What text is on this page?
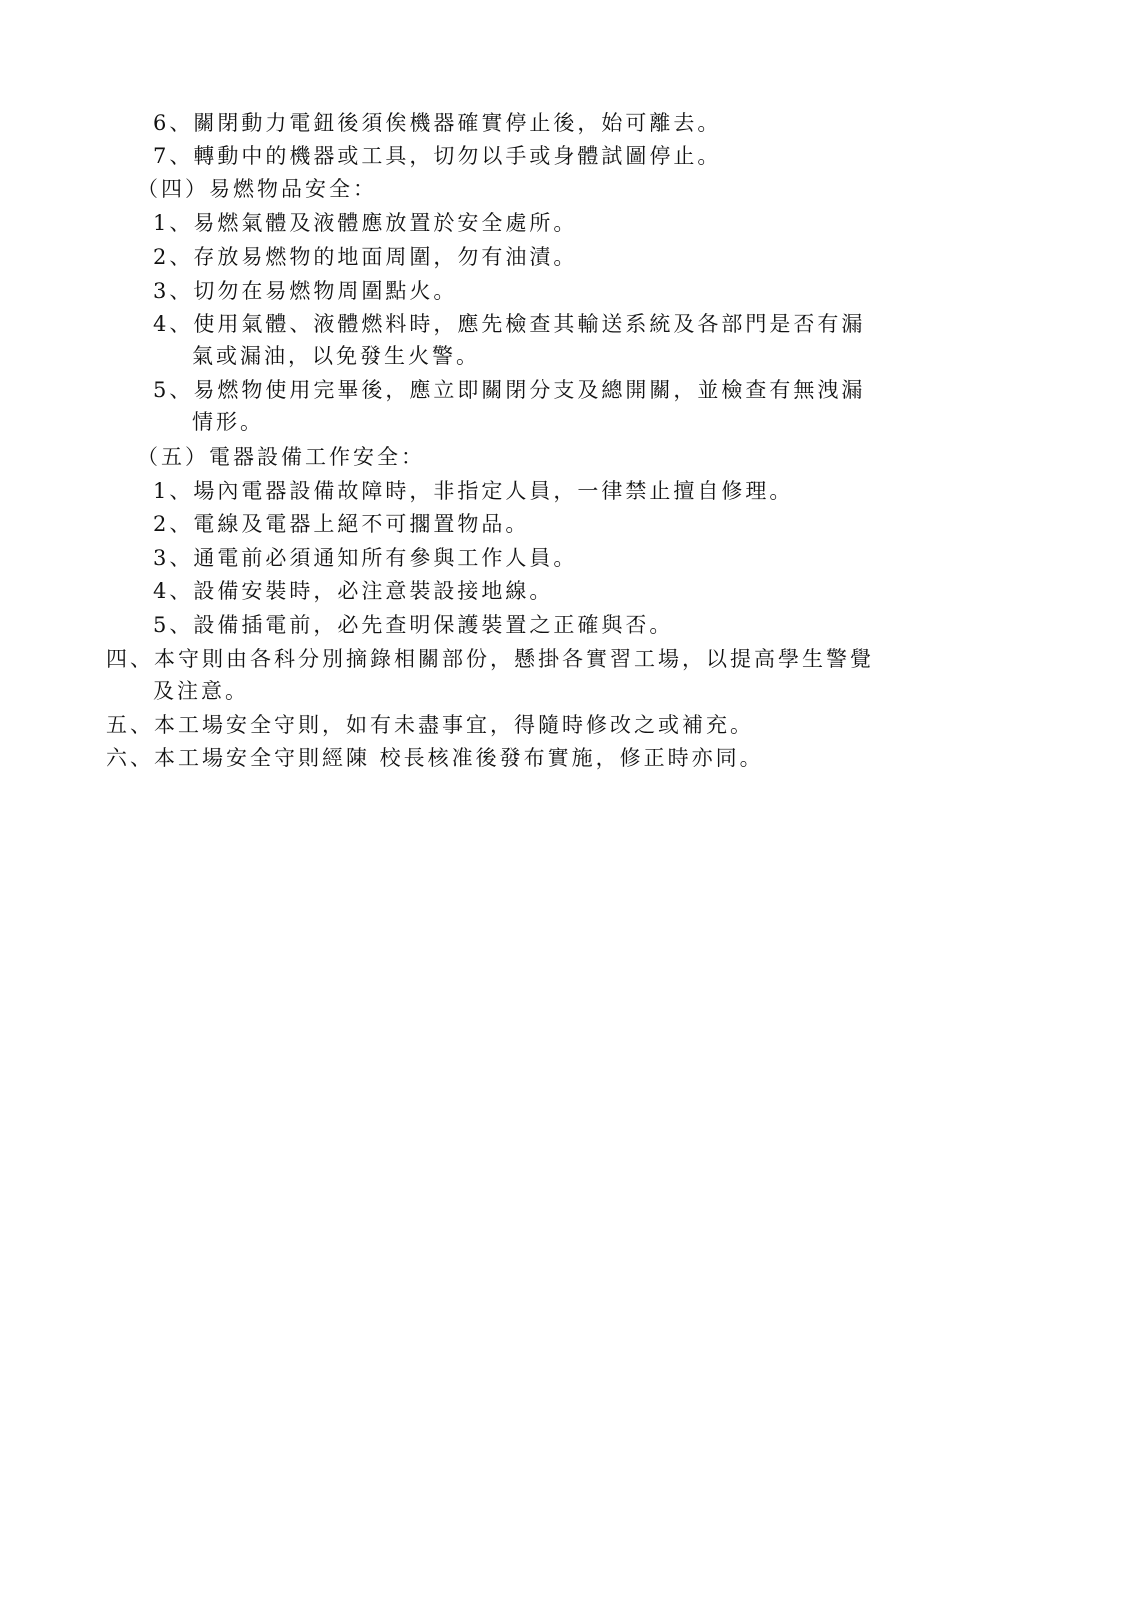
6、關閉動力電鈕後須俟機器確實停止後，始可離去。
7、轉動中的機器或工具，切勿以手或身體試圖停止。
（四）易燃物品安全：
1、易燃氣體及液體應放置於安全處所。
2、存放易燃物的地面周圍，勿有油漬。
3、切勿在易燃物周圍點火。
4、使用氣體、液體燃料時，應先檢查其輸送系統及各部門是否有漏
氣或漏油，以免發生火警。
5、易燃物使用完畢後，應立即關閉分支及總開關，並檢查有無洩漏
情形。
（五）電器設備工作安全：
1、場內電器設備故障時，非指定人員，一律禁止擅自修理。
2、電線及電器上絕不可擱置物品。
3、通電前必須通知所有參與工作人員。
4、設備安裝時，必注意裝設接地線。
5、設備插電前，必先查明保護裝置之正確與否。
四、本守則由各科分別摘錄相關部份，懸掛各實習工場，以提高學生警覺
及注意。
五、本工場安全守則，如有未盡事宜，得隨時修改之或補充。
六、本工場安全守則經陳 校長核准後發布實施，修正時亦同。
